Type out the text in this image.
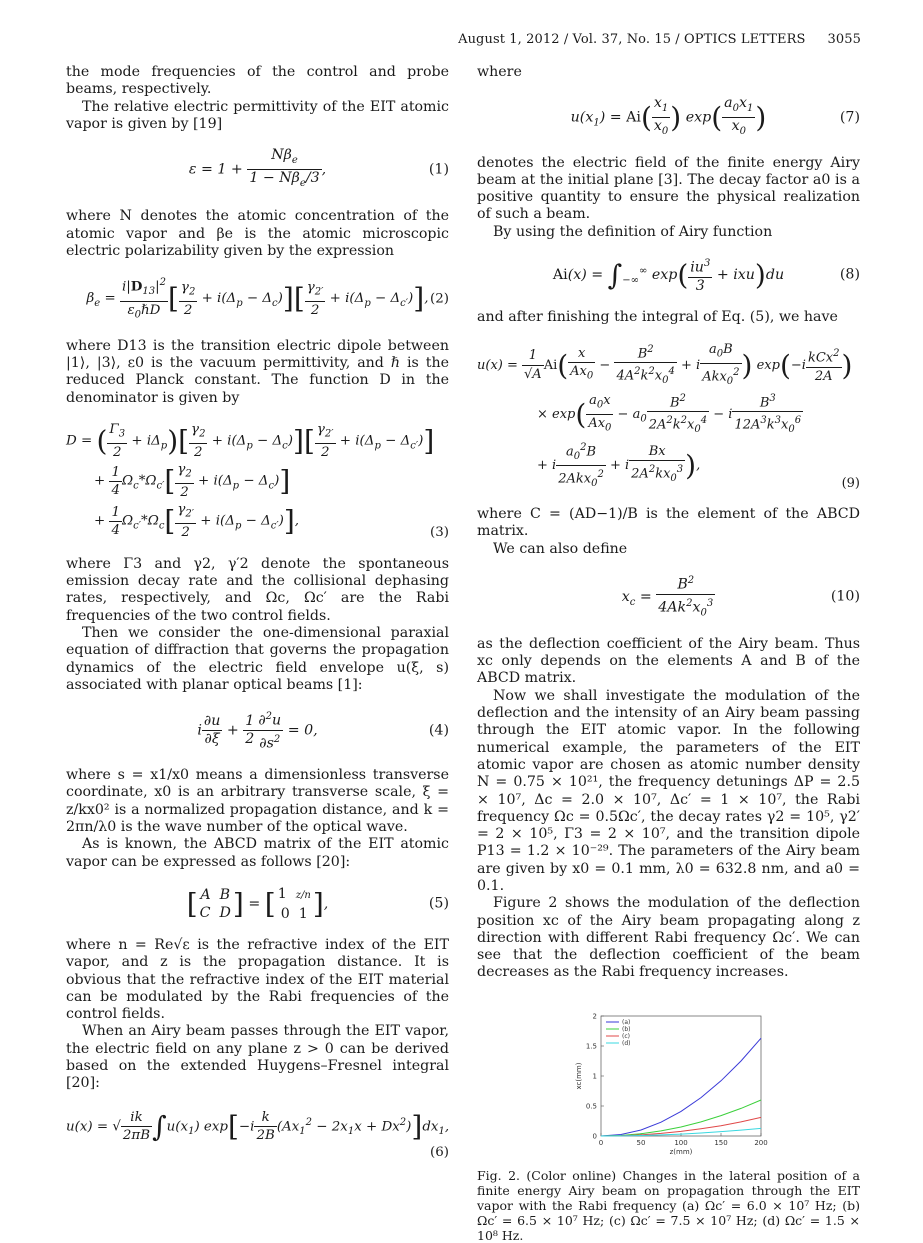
August 1, 2012 / Vol. 37, No. 15 / OPTICS LETTERS 3055

the mode frequencies of the control and probe beams, respectively.

The relative electric permittivity of the EIT atomic vapor is given by [19]

$\varepsilon = 1 + \frac{N\beta_e}{1 - N\beta_e/3}$ ,	(1)

where N denotes the atomic concentration of the atomic vapor and βe is the atomic microscopic electric polarizability given by the expression

$\beta_e = \frac{i|D_{13}|^2}{\varepsilon_0\hbar D}$ [ $\frac{\gamma_2}{2} + i(\Delta_p - \Delta_c)][ \frac{\gamma_{2'}}{2} + i(\Delta_p - \Delta_{c'})]$, (2)

where D13 is the transition electric dipole between |1⟩, |3⟩, ε0 is the vacuum permittivity, and ℏ is the reduced Planck constant. The function D in the denominator is given by

D = ( $\frac{\Gamma_3}{2} + i\Delta_p)[ \frac{\gamma_2}{2} + i(\Delta_p - \Delta_c)][ \frac{\gamma_{2'}}{2} + i(\Delta_p - \Delta_{c'})]$
+ $\frac{1}{4} \Omega_c*\Omega_{c'}[ \frac{\gamma_2}{2} + i(\Delta_p - \Delta_c)]$
+ $\frac{1}{4} \Omega_{c'}*\Omega_c[ \frac{\gamma_{2'}}{2} + i(\Delta_p - \Delta_{c'})]$,
(3)

where Γ3 and γ2, γ′2 denote the spontaneous emission decay rate and the collisional dephasing rates, respectively, and Ωc, Ωc′ are the Rabi frequencies of the two control fields.

Then we consider the one-dimensional paraxial equation of diffraction that governs the propagation dynamics of the electric field envelope u(ξ, s) associated with planar optical beams [1]:

i $\frac{\partial u}{\partial\xi} + \frac{1}{2} \frac{\partial^2u}{\partial s^2} = 0$,	(4)

where s = x1/x0 means a dimensionless transverse coordinate, x0 is an arbitrary transverse scale, ξ = z/kx0² is a normalized propagation distance, and k = 2πn/λ0 is the wave number of the optical wave.

As is known, the ABCD matrix of the EIT atomic vapor can be expressed as follows [20]:

[ A  B
C  D ] = [ 1  z/n
0  1 ],	(5)

where n = Re√ε is the refractive index of the EIT vapor, and z is the propagation distance. It is obvious that the refractive index of the EIT material can be modulated by the Rabi frequencies of the control fields.

When an Airy beam passes through the EIT vapor, the electric field on any plane z > 0 can be derived based on the extended Huygens–Fresnel integral [20]:

u(x) = √ $\frac{ik}{2\pi B} \int u(x_1)$ $\exp[-i \frac{k}{2B} (Ax_1^2 - 2x_1x + Dx^2)]dx_1$,

(6)

where

$u(x_1) = Ai( \frac{x_1}{x_0}$ ) $\exp( \frac{a_0x_1}{x_0}$ )	(7)

denotes the electric field of the finite energy Airy beam at the initial plane [3]. The decay factor a0 is a positive quantity to ensure the physical realization of such a beam.

By using the definition of Airy function

$Ai(x) = \int_{-\infty}^\infty$ $\exp( \frac{iu^3}{3} + ixu)du$	(8)

and after finishing the integral of Eq. (5), we have

$u(x) = \frac{1}{√A} Ai( \frac{x}{Ax_0} - \frac{B^2}{4A^2k^2x_0^4} + i \frac{a_0B}{Akx_0^2}$ ) $\exp(-i \frac{kCx^2}{2A}$ )
× $\exp( \frac{a_0x}{Ax_0} - a_0 \frac{B^2}{2A^2k^2x_0^4} - i \frac{B^3}{12A^3k^3x_0^6}$
+ i $\frac{a_0^2B}{2Akx_0^2} + i \frac{Bx}{2A^2kx_0^3}$ ),
(9)

where C = (AD−1)/B is the element of the ABCD matrix.

We can also define

$x_c = \frac{B^2}{4Ak^2x_0^3}$	(10)

as the deflection coefficient of the Airy beam. Thus xc only depends on the elements A and B of the ABCD matrix.

Now we shall investigate the modulation of the deflection and the intensity of an Airy beam passing through the EIT atomic vapor. In the following numerical example, the parameters of the EIT atomic vapor are chosen as atomic number density N = 0.75 × 10²¹, the frequency detunings ΔP = 2.5 × 10⁷, Δc = 2.0 × 10⁷, Δc′ = 1 × 10⁷, the Rabi frequency Ωc = 0.5Ωc′, the decay rates γ2 = 10⁵, γ2′ = 2 × 10⁵, Γ3 = 2 × 10⁷, and the transition dipole P13 = 1.2 × 10⁻²⁹. The parameters of the Airy beam are given by x0 = 0.1 mm, λ0 = 632.8 nm, and a0 = 0.1.

Figure 2 shows the modulation of the deflection position xc of the Airy beam propagating along z direction with different Rabi frequency Ωc′. We can see that the deflection coefficient of the beam decreases as the Rabi frequency increases.

0
0.5
1
1.5
2
0	50	100	150	200
(a)
(b)
(c)
(d)
z(mm)
xc(mm)
Fig. 2. (Color online) Changes in the lateral position of a finite energy Airy beam on propagation through the EIT vapor with the Rabi frequency (a) Ωc′ = 6.0 × 10⁷ Hz; (b) Ωc′ = 6.5 × 10⁷ Hz; (c) Ωc′ = 7.5 × 10⁷ Hz; (d) Ωc′ = 1.5 × 10⁸ Hz.
